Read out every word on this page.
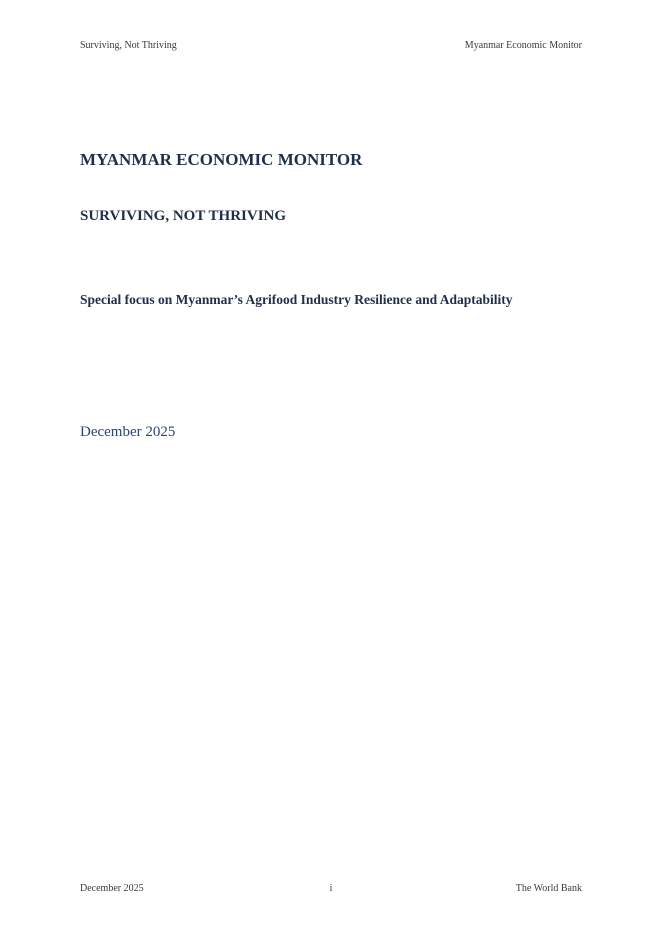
Surviving, Not Thriving	Myanmar Economic Monitor
MYANMAR ECONOMIC MONITOR
SURVIVING, NOT THRIVING
Special focus on Myanmar’s Agrifood Industry Resilience and Adaptability

December 2025

December 2025	i	The World Bank
